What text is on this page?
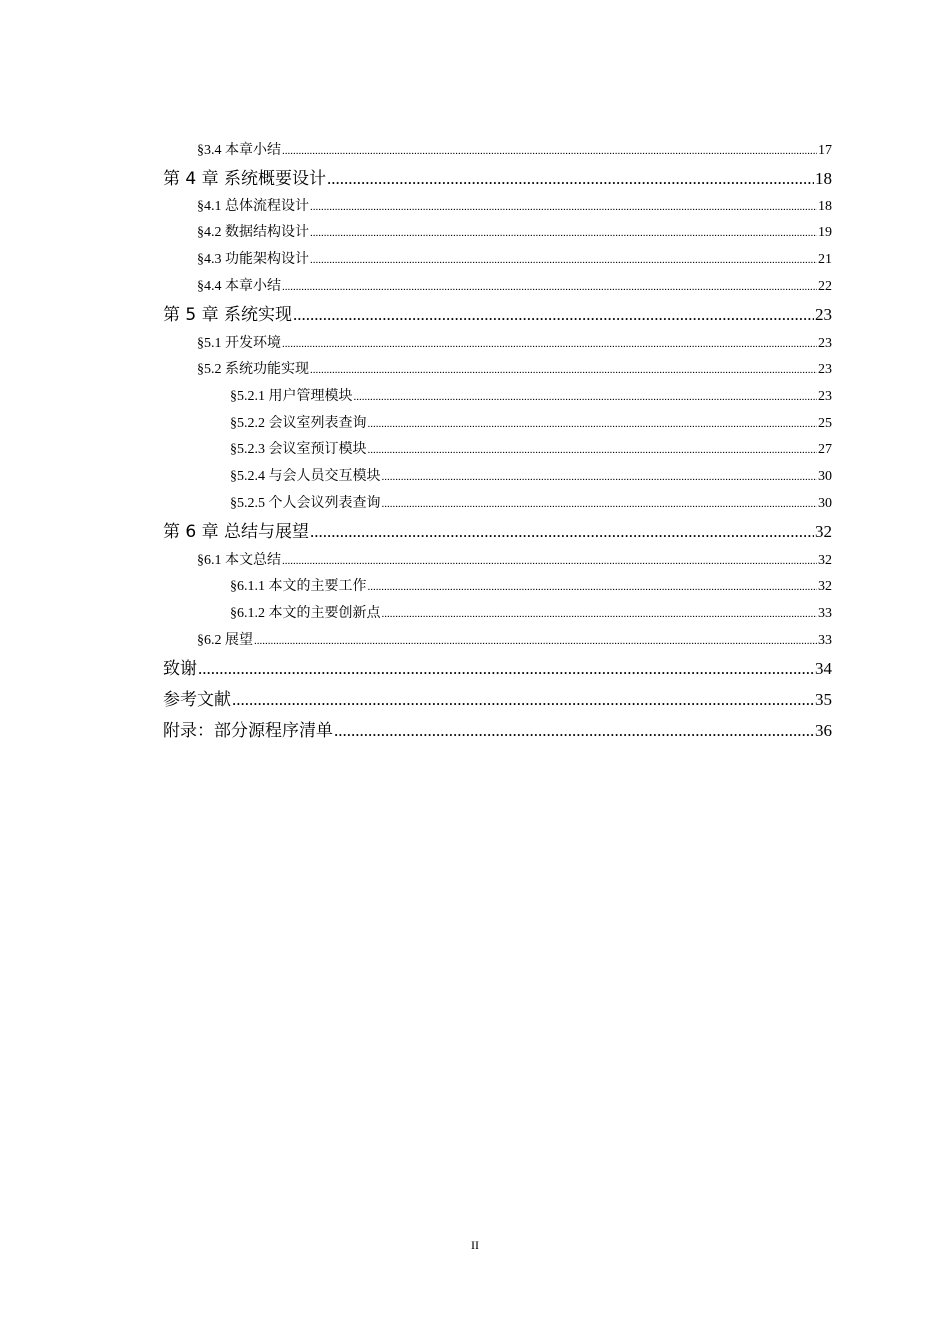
§3.4 本章小结 .....	17
第 4 章 系统概要设计 .....	18
§4.1 总体流程设计 .....	18
§4.2 数据结构设计 .....	19
§4.3 功能架构设计 .....	21
§4.4 本章小结 .....	22
第 5 章 系统实现 .....	23
§5.1 开发环境 .....	23
§5.2 系统功能实现 .....	23
§5.2.1 用户管理模块 .....	23
§5.2.2 会议室列表查询 .....	25
§5.2.3 会议室预订模块 .....	27
§5.2.4 与会人员交互模块 .....	30
§5.2.5 个人会议列表查询 .....	30
第 6 章 总结与展望 .....	32
§6.1 本文总结 .....	32
§6.1.1 本文的主要工作 .....	32
§6.1.2 本文的主要创新点 .....	33
§6.2 展望 .....	33
致谢 .....	34
参考文献 .....	35
附录：部分源程序清单 .....	36
II
